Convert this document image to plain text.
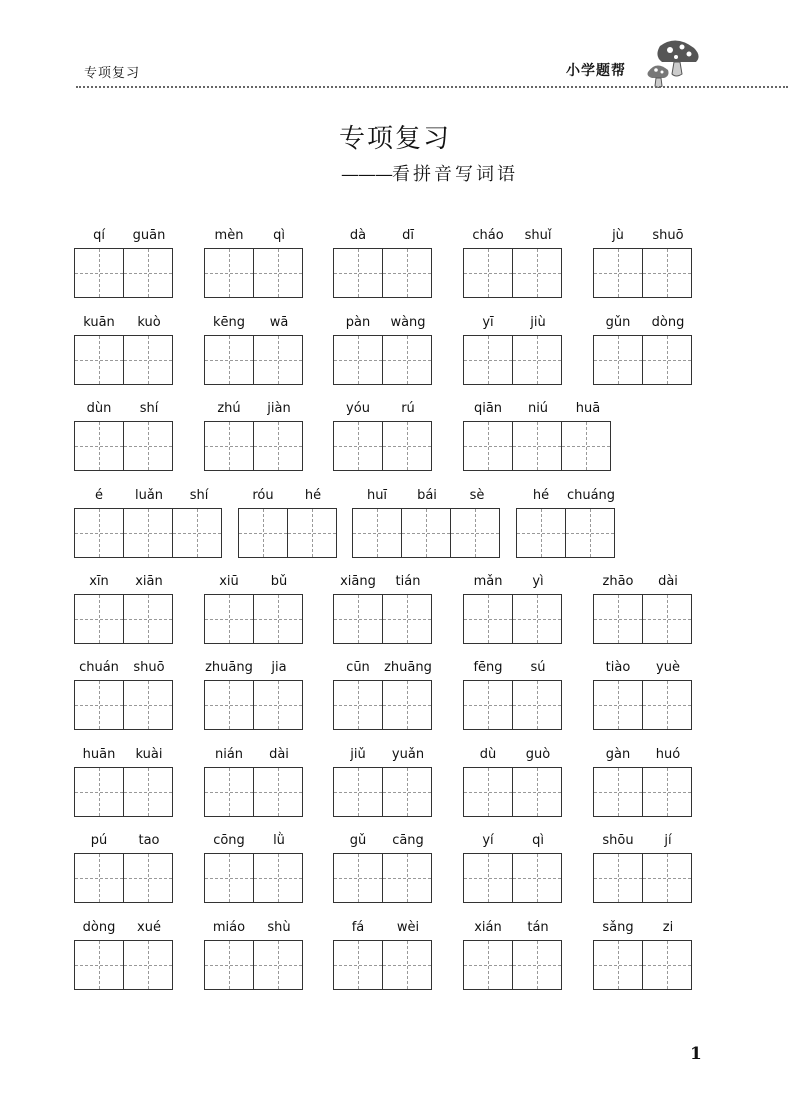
专项复习	小学题帮
专项复习
———看拼音写词语
qí	guān	mèn	qì	dà	dī	cháo	shuǐ	jù	shuō
kuān	kuò	kēng	wā	pàn	wàng	yī	jiù	gǔn	dòng
dùn	shí	zhú	jiàn	yóu	rú	qiān	niú	huā
é	luǎn	shí	róu	hé	huī	bái	sè	hé	chuáng
xīn	xiān	xiū	bǔ	xiāng	tián	mǎn	yì	zhāo	dài
chuán	shuō	zhuāng	jia	cūn	zhuāng	fēng	sú	tiào	yuè
huān	kuài	nián	dài	jiǔ	yuǎn	dù	guò	gàn	huó
pú	tao	cōng	lǜ	gǔ	cāng	yí	qì	shōu	jí
dòng	xué	miáo	shù	fá	wèi	xián	tán	sǎng	zi
1
